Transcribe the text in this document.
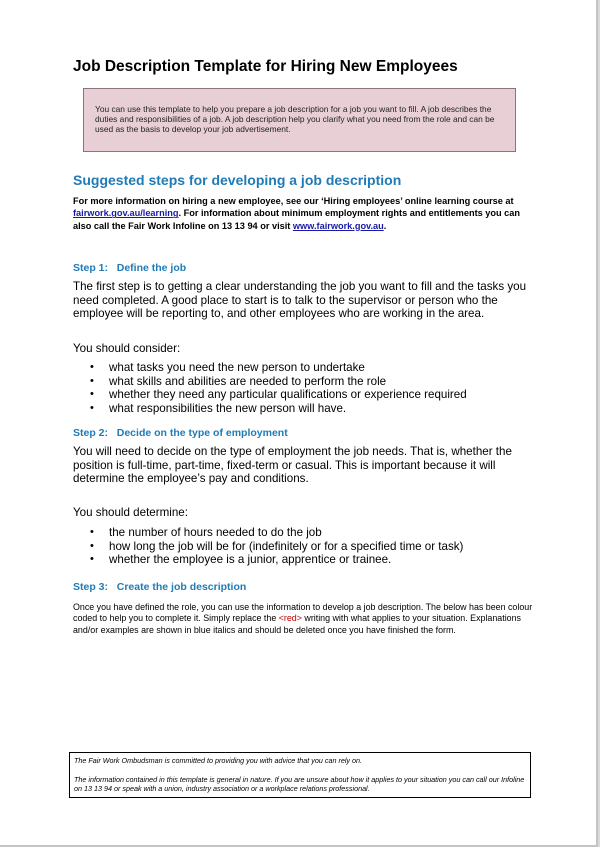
Job Description Template for Hiring New Employees
You can use this template to help you prepare a job description for a job you want to fill. A job describes the duties and responsibilities of a job. A job description help you clarify what you need from the role and can be used as the basis to develop your job advertisement.
Suggested steps for developing a job description
For more information on hiring a new employee, see our ‘Hiring employees’ online learning course at fairwork.gov.au/learning. For information about minimum employment rights and entitlements you can also call the Fair Work Infoline on 13 13 94 or visit www.fairwork.gov.au.
Step 1:   Define the job

The first step is to getting a clear understanding the job you want to fill and the tasks you need completed. A good place to start is to talk to the supervisor or person who the employee will be reporting to, and other employees who are working in the area.

You should consider:

• what tasks you need the new person to undertake
• what skills and abilities are needed to perform the role
• whether they need any particular qualifications or experience required
• what responsibilities the new person will have.
Step 2:   Decide on the type of employment

You will need to decide on the type of employment the job needs. That is, whether the position is full-time, part-time, fixed-term or casual. This is important because it will determine the employee’s pay and conditions.

You should determine:

• the number of hours needed to do the job
• how long the job will be for (indefinitely or for a specified time or task)
• whether the employee is a junior, apprentice or trainee.
Step 3:   Create the job description

Once you have defined the role, you can use the information to develop a job description. The below has been colour coded to help you to complete it. Simply replace the <red> writing with what applies to your situation. Explanations and/or examples are shown in blue italics and should be deleted once you have finished the form.

The Fair Work Ombudsman is committed to providing you with advice that you can rely on.

The information contained in this template is general in nature. If you are unsure about how it applies to your situation you can call our Infoline on 13 13 94 or speak with a union, industry association or a workplace relations professional.
